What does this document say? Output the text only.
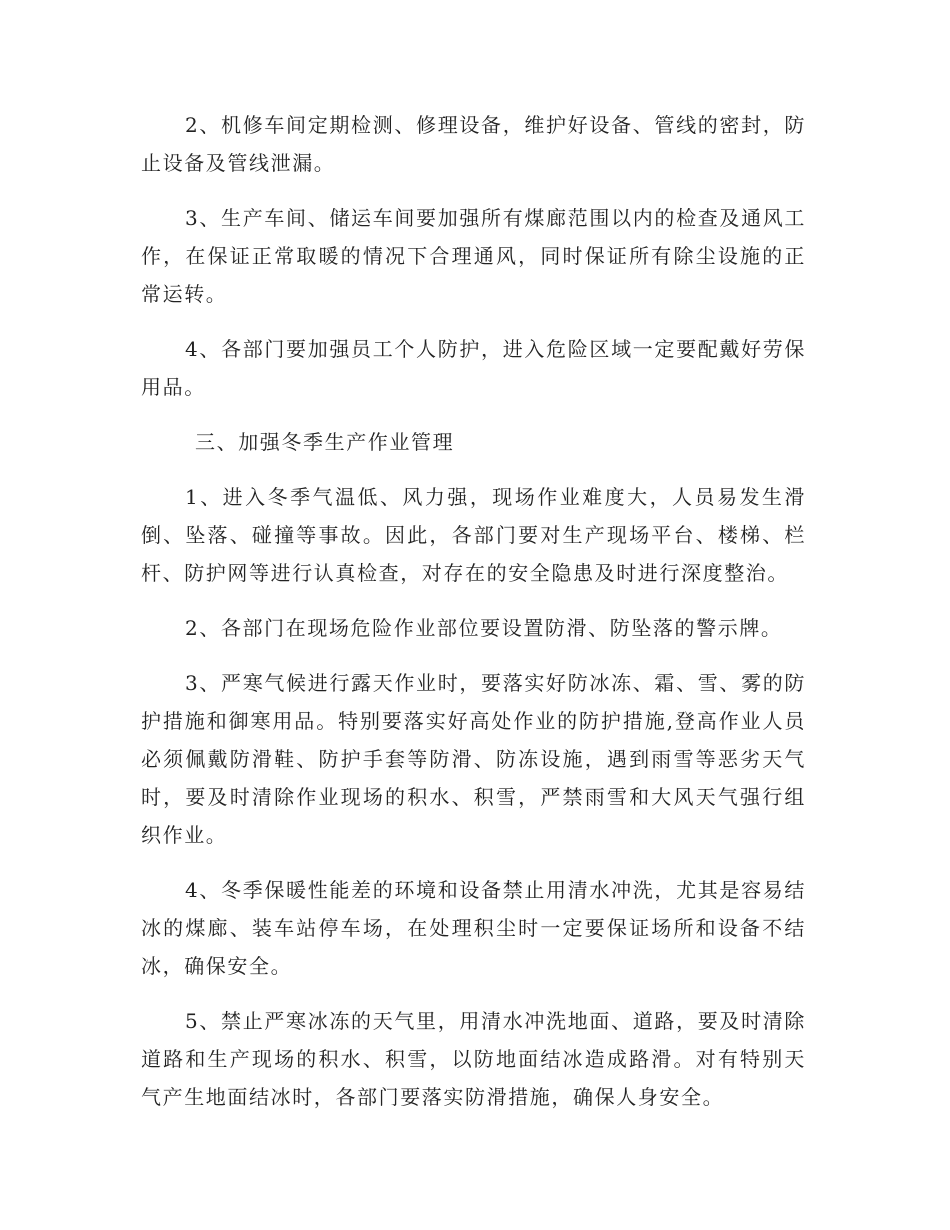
2、机修车间定期检测、修理设备，维护好设备、管线的密封，防止设备及管线泄漏。

3、生产车间、储运车间要加强所有煤廊范围以内的检查及通风工作，在保证正常取暖的情况下合理通风，同时保证所有除尘设施的正常运转。

4、各部门要加强员工个人防护，进入危险区域一定要配戴好劳保用品。

三、加强冬季生产作业管理

1、进入冬季气温低、风力强，现场作业难度大，人员易发生滑倒、坠落、碰撞等事故。因此，各部门要对生产现场平台、楼梯、栏杆、防护网等进行认真检查，对存在的安全隐患及时进行深度整治。

2、各部门在现场危险作业部位要设置防滑、防坠落的警示牌。

3、严寒气候进行露天作业时，要落实好防冰冻、霜、雪、雾的防护措施和御寒用品。特别要落实好高处作业的防护措施,登高作业人员必须佩戴防滑鞋、防护手套等防滑、防冻设施，遇到雨雪等恶劣天气时，要及时清除作业现场的积水、积雪，严禁雨雪和大风天气强行组织作业。

4、冬季保暖性能差的环境和设备禁止用清水冲洗，尤其是容易结冰的煤廊、装车站停车场，在处理积尘时一定要保证场所和设备不结冰，确保安全。

5、禁止严寒冰冻的天气里，用清水冲洗地面、道路，要及时清除道路和生产现场的积水、积雪，以防地面结冰造成路滑。对有特别天气产生地面结冰时，各部门要落实防滑措施，确保人身安全。
